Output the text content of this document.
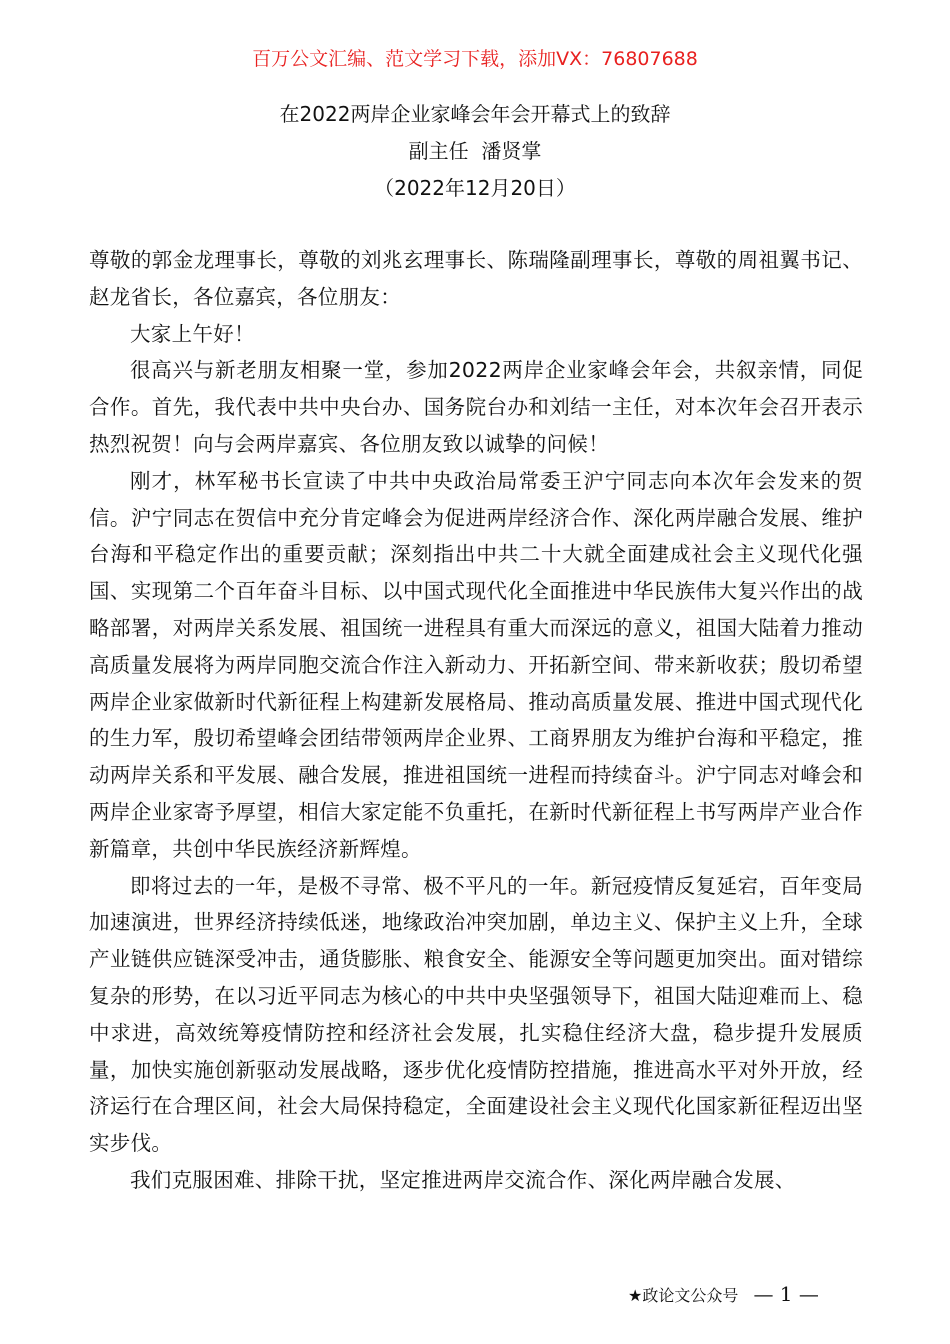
百万公文汇编、范文学习下载，添加VX：76807688
在2022两岸企业家峰会年会开幕式上的致辞
副主任  潘贤掌
（2022年12月20日）

尊敬的郭金龙理事长，尊敬的刘兆玄理事长、陈瑞隆副理事长，尊敬的周祖翼书记、赵龙省长，各位嘉宾，各位朋友：

大家上午好！

很高兴与新老朋友相聚一堂，参加2022两岸企业家峰会年会，共叙亲情，同促合作。首先，我代表中共中央台办、国务院台办和刘结一主任，对本次年会召开表示热烈祝贺！向与会两岸嘉宾、各位朋友致以诚挚的问候！

刚才，林军秘书长宣读了中共中央政治局常委王沪宁同志向本次年会发来的贺信。沪宁同志在贺信中充分肯定峰会为促进两岸经济合作、深化两岸融合发展、维护台海和平稳定作出的重要贡献；深刻指出中共二十大就全面建成社会主义现代化强国、实现第二个百年奋斗目标、以中国式现代化全面推进中华民族伟大复兴作出的战略部署，对两岸关系发展、祖国统一进程具有重大而深远的意义，祖国大陆着力推动高质量发展将为两岸同胞交流合作注入新动力、开拓新空间、带来新收获；殷切希望两岸企业家做新时代新征程上构建新发展格局、推动高质量发展、推进中国式现代化的生力军，殷切希望峰会团结带领两岸企业界、工商界朋友为维护台海和平稳定，推动两岸关系和平发展、融合发展，推进祖国统一进程而持续奋斗。沪宁同志对峰会和两岸企业家寄予厚望，相信大家定能不负重托，在新时代新征程上书写两岸产业合作新篇章，共创中华民族经济新辉煌。

即将过去的一年，是极不寻常、极不平凡的一年。新冠疫情反复延宕，百年变局加速演进，世界经济持续低迷，地缘政治冲突加剧，单边主义、保护主义上升，全球产业链供应链深受冲击，通货膨胀、粮食安全、能源安全等问题更加突出。面对错综复杂的形势，在以习近平同志为核心的中共中央坚强领导下，祖国大陆迎难而上、稳中求进，高效统筹疫情防控和经济社会发展，扎实稳住经济大盘，稳步提升发展质量，加快实施创新驱动发展战略，逐步优化疫情防控措施，推进高水平对外开放，经济运行在合理区间，社会大局保持稳定，全面建设社会主义现代化国家新征程迈出坚实步伐。

我们克服困难、排除干扰，坚定推进两岸交流合作、深化两岸融合发展、

★政论文公众号 — 1 —
